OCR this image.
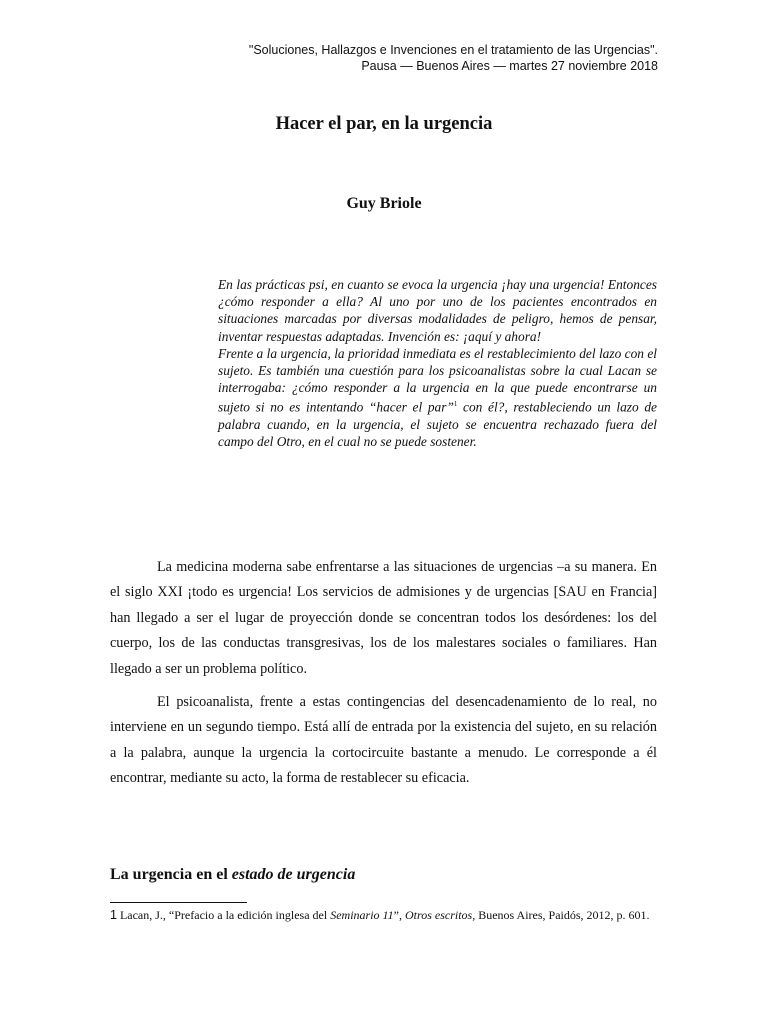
"Soluciones, Hallazgos e Invenciones en el tratamiento de las Urgencias".
Pausa — Buenos Aires — martes 27 noviembre 2018
Hacer el par, en la urgencia
Guy Briole

En las prácticas psi, en cuanto se evoca la urgencia ¡hay una urgencia! Entonces ¿cómo responder a ella? Al uno por uno de los pacientes encontrados en situaciones marcadas por diversas modalidades de peligro, hemos de pensar, inventar respuestas adaptadas. Invención es: ¡aquí y ahora!

Frente a la urgencia, la prioridad inmediata es el restablecimiento del lazo con el sujeto. Es también una cuestión para los psicoanalistas sobre la cual Lacan se interrogaba: ¿cómo responder a la urgencia en la que puede encontrarse un sujeto si no es intentando “hacer el par”$^1$ con él?, restableciendo un lazo de palabra cuando, en la urgencia, el sujeto se encuentra rechazado fuera del campo del Otro, en el cual no se puede sostener.

La medicina moderna sabe enfrentarse a las situaciones de urgencias –a su manera. En el siglo XXI ¡todo es urgencia! Los servicios de admisiones y de urgencias [SAU en Francia] han llegado a ser el lugar de proyección donde se concentran todos los desórdenes: los del cuerpo, los de las conductas transgresivas, los de los malestares sociales o familiares. Han llegado a ser un problema político.

El psicoanalista, frente a estas contingencias del desencadenamiento de lo real, no interviene en un segundo tiempo. Está allí de entrada por la existencia del sujeto, en su relación a la palabra, aunque la urgencia la cortocircuite bastante a menudo. Le corresponde a él encontrar, mediante su acto, la forma de restablecer su eficacia.

La urgencia en el estado de urgencia
1 Lacan, J., “Prefacio a la edición inglesa del Seminario 11”, Otros escritos, Buenos Aires, Paidós, 2012, p. 601.
